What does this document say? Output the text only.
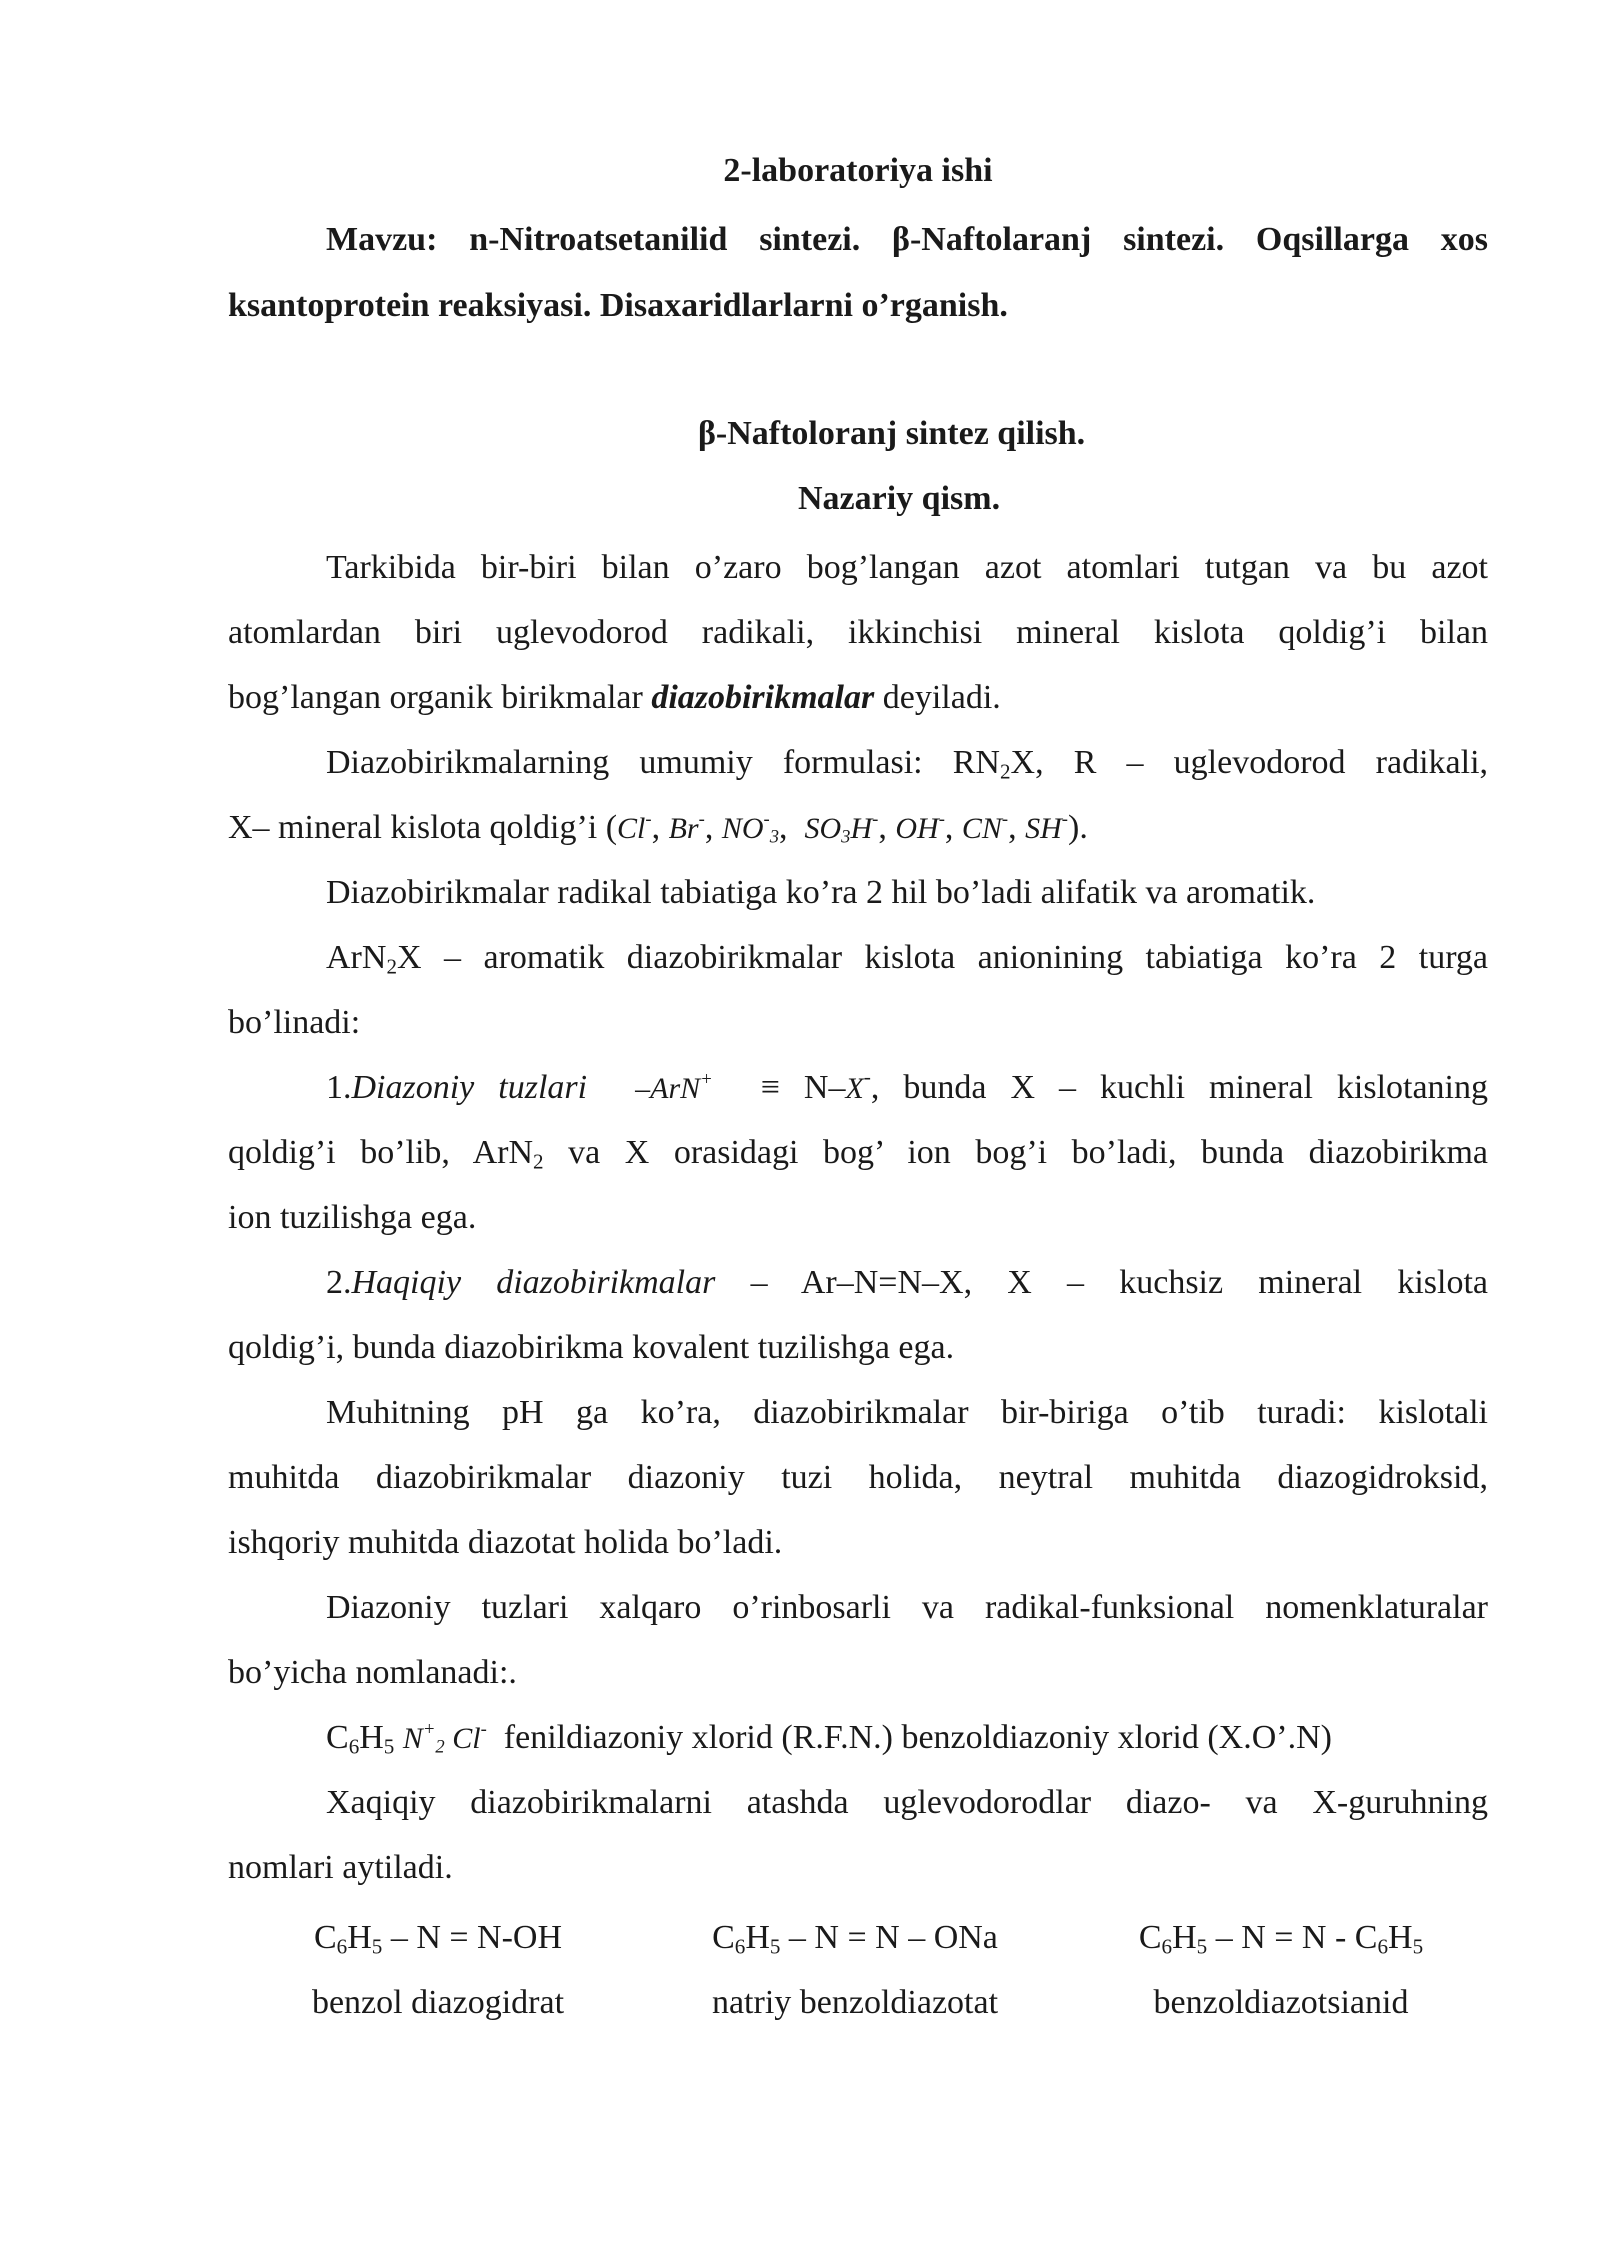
2-laboratoriya ishi
Mavzu: n-Nitroatsetanilid sintezi. β-Naftolaranj sintezi. Oqsillarga xos
ksantoprotein reaksiyasi. Disaxaridlarlarni o’rganish.
β-Naftoloranj sintez qilish.
Nazariy qism.
Tarkibida bir-biri bilan o’zaro bog’langan azot atomlari tutgan va bu azot
atomlardan biri uglevodorod radikali, ikkinchisi mineral kislota qoldig’i bilan
bog’langan organik birikmalar diazobirikmalar deyiladi.
Diazobirikmalarning umumiy formulasi: $RN_2X$, R – uglevodorod radikali,
X– mineral kislota qoldig’i (Cl-, Br-, $NO^-_3$, $SO_3H^-$, OH-, CN-, SH-).
Diazobirikmalar radikal tabiatiga ko’ra 2 hil bo’ladi alifatik va aromatik.
ArN$_2$X – aromatik diazobirikmalar kislota anionining tabiatiga ko’ra 2 turga
bo’linadi:
1.Diazoniy tuzlari –ArN+ ≡ N–X-, bunda X – kuchli mineral kislotaning
qoldig’i bo’lib, ArN$_2$ va X orasidagi bog’ ion bog’i bo’ladi, bunda diazobirikma
ion tuzilishga ega.
2.Haqiqiy diazobirikmalar – Ar–N=N–X, X – kuchsiz mineral kislota
qoldig’i, bunda diazobirikma kovalent tuzilishga ega.
Muhitning pH ga ko’ra, diazobirikmalar bir-biriga o’tib turadi: kislotali
muhitda diazobirikmalar diazoniy tuzi holida, neytral muhitda diazogidroksid,
ishqoriy muhitda diazotat holida bo’ladi.
Diazoniy tuzlari xalqaro o’rinbosarli va radikal-funksional nomenklaturalar
bo’yicha nomlanadi:.
$C_6H_5$ $N^+_2$ Cl- fenildiazoniy xlorid (R.F.N.) benzoldiazoniy xlorid (X.O’.N)
Xaqiqiy diazobirikmalarni atashda uglevodorodlar diazo- va X-guruhning
nomlari aytiladi.
$C_6H_5 - N = N-OH$
benzol diazogidrat
$C_6H_5 - N = N$ – ONa
natriy benzoldiazotat
$C_6H_5 - N = N - C_6H_5$
benzoldiazotsianid
